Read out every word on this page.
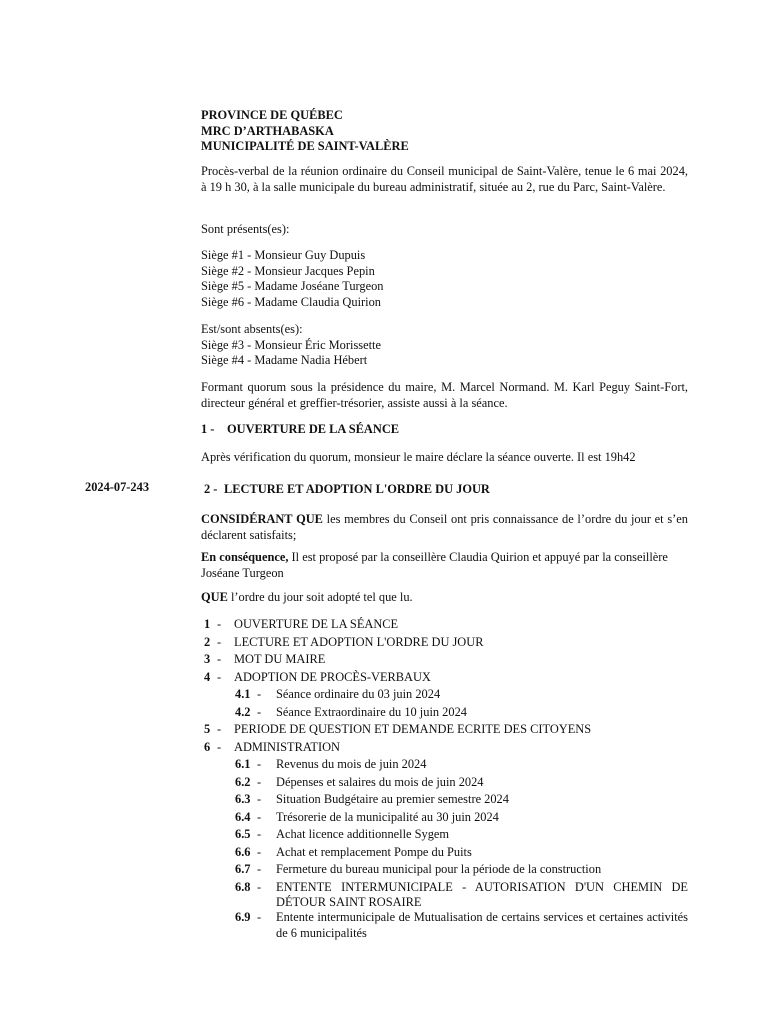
PROVINCE DE QUÉBEC
MRC D’ARTHABASKA
MUNICIPALITÉ DE SAINT-VALÈRE
Procès-verbal de la réunion ordinaire du Conseil municipal de Saint-Valère, tenue le 6 mai 2024, à 19 h 30, à la salle municipale du bureau administratif, située au 2, rue du Parc, Saint-Valère.
Sont présents(es):
Siège #1 - Monsieur Guy Dupuis
Siège #2 - Monsieur Jacques Pepin
Siège #5 - Madame Joséane Turgeon
Siège #6 - Madame Claudia Quirion
Est/sont absents(es):
Siège #3 - Monsieur Éric Morissette
Siège #4 - Madame Nadia Hébert
Formant quorum sous la présidence du maire, M. Marcel Normand. M. Karl Peguy Saint-Fort, directeur général et greffier-trésorier, assiste aussi à la séance.
1 - OUVERTURE DE LA SÉANCE
Après vérification du quorum, monsieur le maire déclare la séance ouverte. Il est 19h42
2024-07-243	2 - LECTURE ET ADOPTION L'ORDRE DU JOUR
CONSIDÉRANT QUE les membres du Conseil ont pris connaissance de l’ordre du jour et s’en déclarent satisfaits;
En conséquence, Il est proposé par la conseillère Claudia Quirion et appuyé par la conseillère Joséane Turgeon
QUE l’ordre du jour soit adopté tel que lu.
1 - OUVERTURE DE LA SÉANCE
2 - LECTURE ET ADOPTION L'ORDRE DU JOUR
3 - MOT DU MAIRE
4 - ADOPTION DE PROCÈS-VERBAUX
4.1 - Séance ordinaire du 03 juin 2024
4.2 - Séance Extraordinaire du 10 juin 2024
5 - PERIODE DE QUESTION ET DEMANDE ECRITE DES CITOYENS
6 - ADMINISTRATION
6.1 - Revenus du mois de juin 2024
6.2 - Dépenses et salaires du mois de juin 2024
6.3 - Situation Budgétaire au premier semestre 2024
6.4 - Trésorerie de la municipalité au 30 juin 2024
6.5 - Achat licence additionnelle Sygem
6.6 - Achat et remplacement Pompe du Puits
6.7 - Fermeture du bureau municipal pour la période de la construction
6.8 - ENTENTE INTERMUNICIPALE - AUTORISATION D'UN CHEMIN DE DÉTOUR SAINT ROSAIRE
6.9 - Entente intermunicipale de Mutualisation de certains services et certaines activités de 6 municipalités
